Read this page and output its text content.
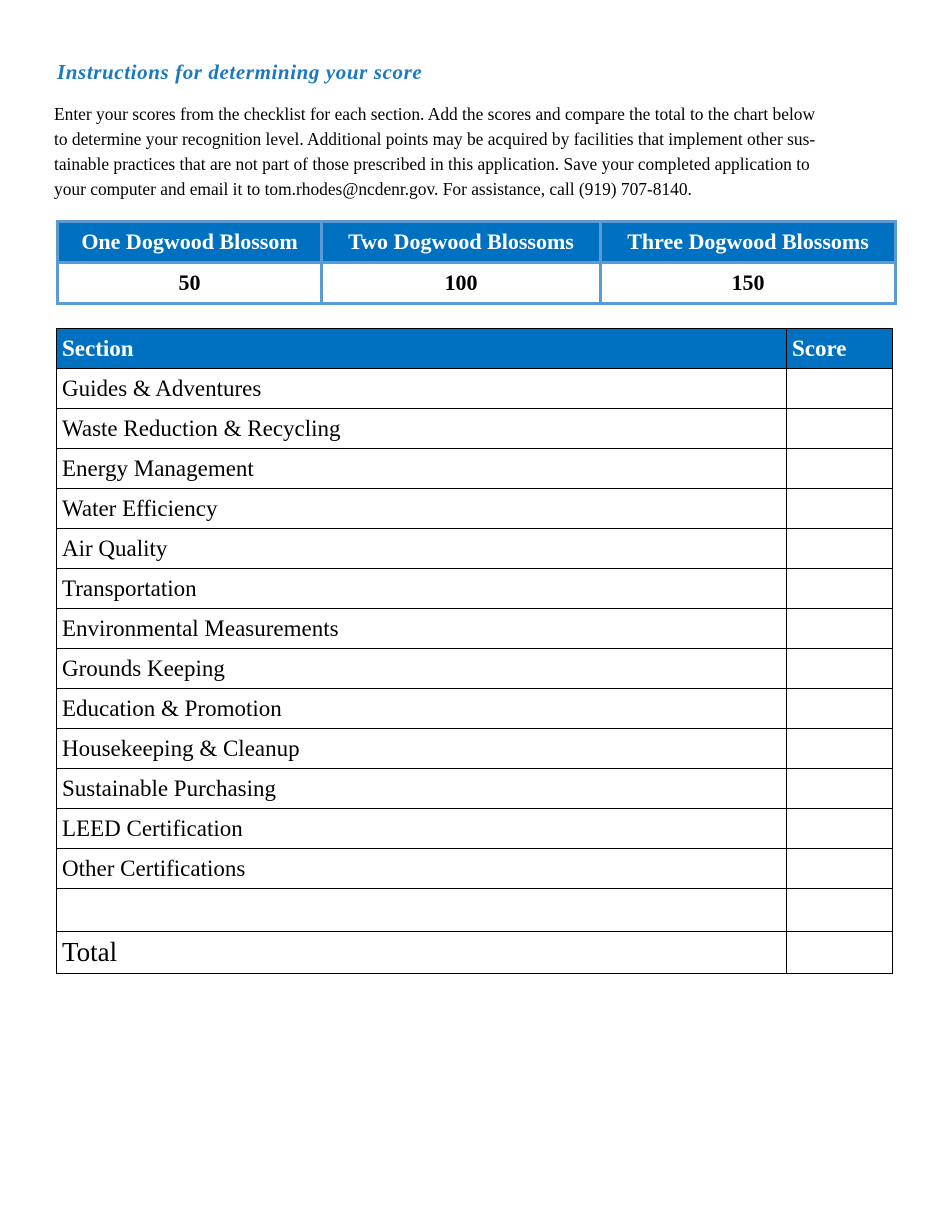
Instructions for determining your score

Enter your scores from the checklist for each section. Add the scores and compare the total to the chart below
to determine your recognition level. Additional points may be acquired by facilities that implement other sus-
tainable practices that are not part of those prescribed in this application. Save your completed application to
your computer and email it to tom.rhodes@ncdenr.gov. For assistance, call (919) 707-8140.

One Dogwood Blossom	Two Dogwood Blossoms	Three Dogwood Blossoms
50	100	150
Section	Score
Guides & Adventures	
Waste Reduction & Recycling	
Energy Management	
Water Efficiency	
Air Quality	
Transportation	
Environmental Measurements	
Grounds Keeping	
Education & Promotion	
Housekeeping & Cleanup	
Sustainable Purchasing	
LEED Certification	
Other Certifications	

Total	
